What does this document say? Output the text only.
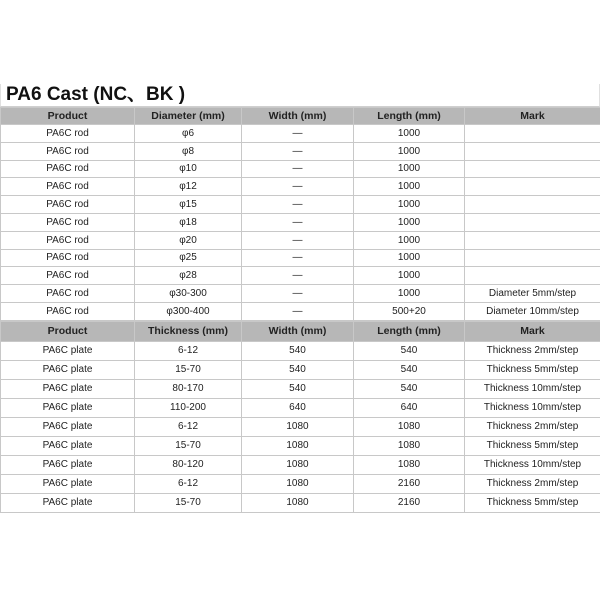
PA6 Cast (NC、BK )
Product	Diameter (mm)	Width (mm)	Length (mm)	Mark
PA6C rod	φ6	—	1000	
PA6C rod	φ8	—	1000	
PA6C rod	φ10	—	1000	
PA6C rod	φ12	—	1000	
PA6C rod	φ15	—	1000	
PA6C rod	φ18	—	1000	
PA6C rod	φ20	—	1000	
PA6C rod	φ25	—	1000	
PA6C rod	φ28	—	1000	
PA6C rod	φ30-300	—	1000	Diameter 5mm/step
PA6C rod	φ300-400	—	500+20	Diameter 10mm/step
Product	Thickness (mm)	Width (mm)	Length (mm)	Mark
PA6C plate	6-12	540	540	Thickness 2mm/step
PA6C plate	15-70	540	540	Thickness 5mm/step
PA6C plate	80-170	540	540	Thickness 10mm/step
PA6C plate	110-200	640	640	Thickness 10mm/step
PA6C plate	6-12	1080	1080	Thickness 2mm/step
PA6C plate	15-70	1080	1080	Thickness 5mm/step
PA6C plate	80-120	1080	1080	Thickness 10mm/step
PA6C plate	6-12	1080	2160	Thickness 2mm/step
PA6C plate	15-70	1080	2160	Thickness 5mm/step
